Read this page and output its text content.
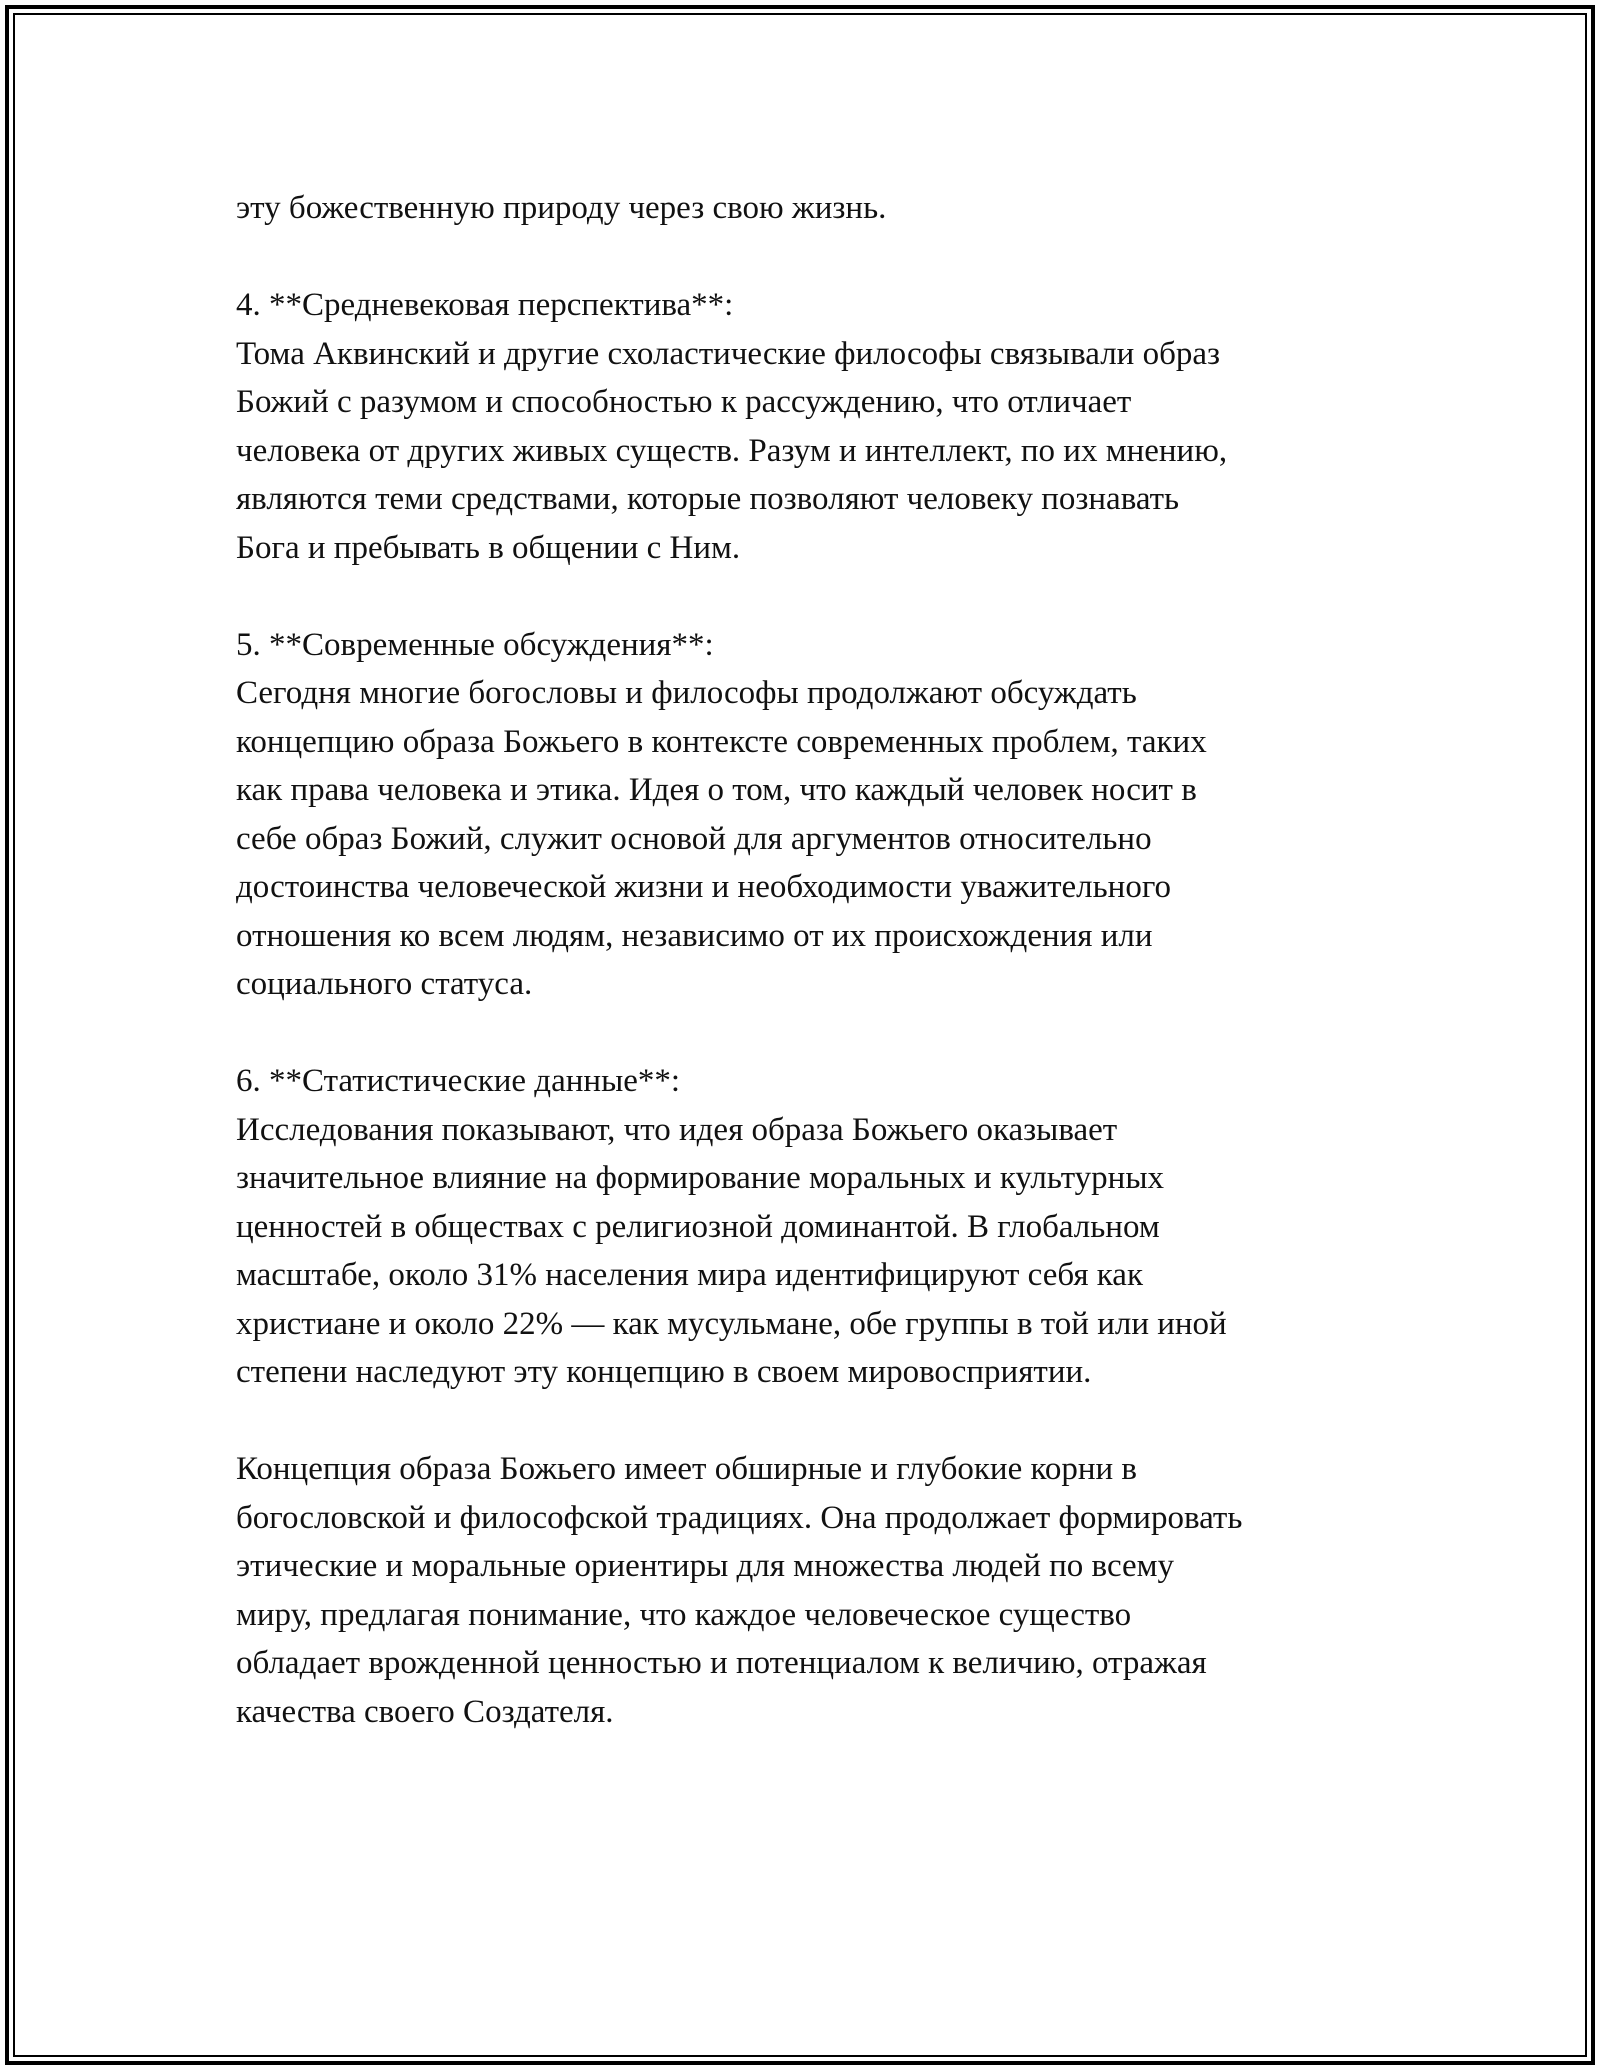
эту божественную природу через свою жизнь.

4. **Средневековая перспектива**:
Тома Аквинский и другие схоластические философы связывали образ
Божий с разумом и способностью к рассуждению, что отличает
человека от других живых существ. Разум и интеллект, по их мнению,
являются теми средствами, которые позволяют человеку познавать
Бога и пребывать в общении с Ним.

5. **Современные обсуждения**:
Сегодня многие богословы и философы продолжают обсуждать
концепцию образа Божьего в контексте современных проблем, таких
как права человека и этика. Идея о том, что каждый человек носит в
себе образ Божий, служит основой для аргументов относительно
достоинства человеческой жизни и необходимости уважительного
отношения ко всем людям, независимо от их происхождения или
социального статуса.

6. **Статистические данные**:
Исследования показывают, что идея образа Божьего оказывает
значительное влияние на формирование моральных и культурных
ценностей в обществах с религиозной доминантой. В глобальном
масштабе, около 31% населения мира идентифицируют себя как
христиане и около 22% — как мусульмане, обе группы в той или иной
степени наследуют эту концепцию в своем мировосприятии.

Концепция образа Божьего имеет обширные и глубокие корни в
богословской и философской традициях. Она продолжает формировать
этические и моральные ориентиры для множества людей по всему
миру, предлагая понимание, что каждое человеческое существо
обладает врожденной ценностью и потенциалом к величию, отражая
качества своего Создателя.
